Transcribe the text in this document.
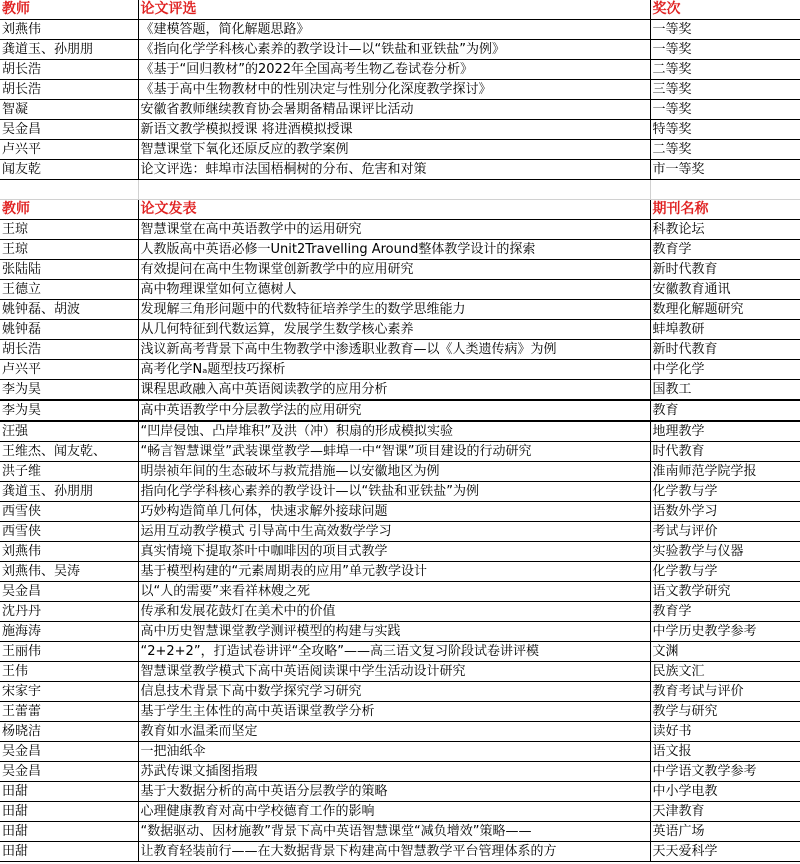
教师	论文评选	奖次
刘燕伟	《建模答题，简化解题思路》	一等奖
龚道玉、孙朋朋	《指向化学学科核心素养的教学设计—以“铁盐和亚铁盐”为例》	一等奖
胡长浩	《基于“回归教材”的2022年全国高考生物乙卷试卷分析》	二等奖
胡长浩	《基于高中生物教材中的性别决定与性别分化深度教学探讨》	三等奖
智凝	安徽省教师继续教育协会暑期备精品课评比活动	一等奖
吴金昌	新语文教学模拟授课 将进酒模拟授课	特等奖
卢兴平	智慧课堂下氧化还原反应的教学案例	二等奖
闻友乾	论文评选：蚌埠市法国梧桐树的分布、危害和对策	市一等奖

教师	论文发表	期刊名称
王琼	智慧课堂在高中英语教学中的运用研究	科教论坛
王琼	人教版高中英语必修一Unit2Travelling Around整体教学设计的探索	教育学
张陆陆	有效提问在高中生物课堂创新教学中的应用研究	新时代教育
王德立	高中物理课堂如何立德树人	安徽教育通讯
姚钟磊、胡波	发现解三角形问题中的代数特征培养学生的数学思维能力	数理化解题研究
姚钟磊	从几何特征到代数运算，发展学生数学核心素养	蚌埠教研
胡长浩	浅议新高考背景下高中生物教学中渗透职业教育—以《人类遗传病》为例	新时代教育
卢兴平	高考化学Nₐ题型技巧探析	中学化学
李为昊	课程思政融入高中英语阅读教学的应用分析	国教工
李为昊	高中英语教学中分层教学法的应用研究	教育
汪强	“凹岸侵蚀、凸岸堆积”及洪（冲）积扇的形成模拟实验	地理教学
王维杰、闻友乾、	“畅言智慧课堂”武装课堂教学—蚌埠一中“智课”项目建设的行动研究	时代教育
洪子维	明崇祯年间的生态破坏与救荒措施—以安徽地区为例	淮南师范学院学报
龚道玉、孙朋朋	指向化学学科核心素养的教学设计—以“铁盐和亚铁盐”为例	化学教与学
西雪侠	巧妙构造简单几何体，快速求解外接球问题	语数外学习
西雪侠	运用互动教学模式 引导高中生高效数学学习	考试与评价
刘燕伟	真实情境下提取茶叶中咖啡因的项目式教学	实验教学与仪器
刘燕伟、吴涛	基于模型构建的“元素周期表的应用”单元教学设计	化学教与学
吴金昌	以“人的需要”来看祥林嫂之死	语文教学研究
沈丹丹	传承和发展花鼓灯在美术中的价值	教育学
施海涛	高中历史智慧课堂教学测评模型的构建与实践	中学历史教学参考
王丽伟	“2+2+2”，打造试卷讲评“全攻略”——高三语文复习阶段试卷讲评模	文渊
王伟	智慧课堂教学模式下高中英语阅读课中学生活动设计研究	民族文汇
宋家宇	信息技术背景下高中数学探究学习研究	教育考试与评价
王蕾蕾	基于学生主体性的高中英语课堂教学分析	教学与研究
杨晓洁	教育如水温柔而坚定	读好书
吴金昌	一把油纸伞	语文报
吴金昌	苏武传课文插图指瑕	中学语文教学参考
田甜	基于大数据分析的高中英语分层教学的策略	中小学电教
田甜	心理健康教育对高中学校德育工作的影响	天津教育
田甜	“数据驱动、因材施教”背景下高中英语智慧课堂“减负增效”策略——	英语广场
田甜	让教育轻装前行——在大数据背景下构建高中智慧教学平台管理体系的方	天天爱科学
